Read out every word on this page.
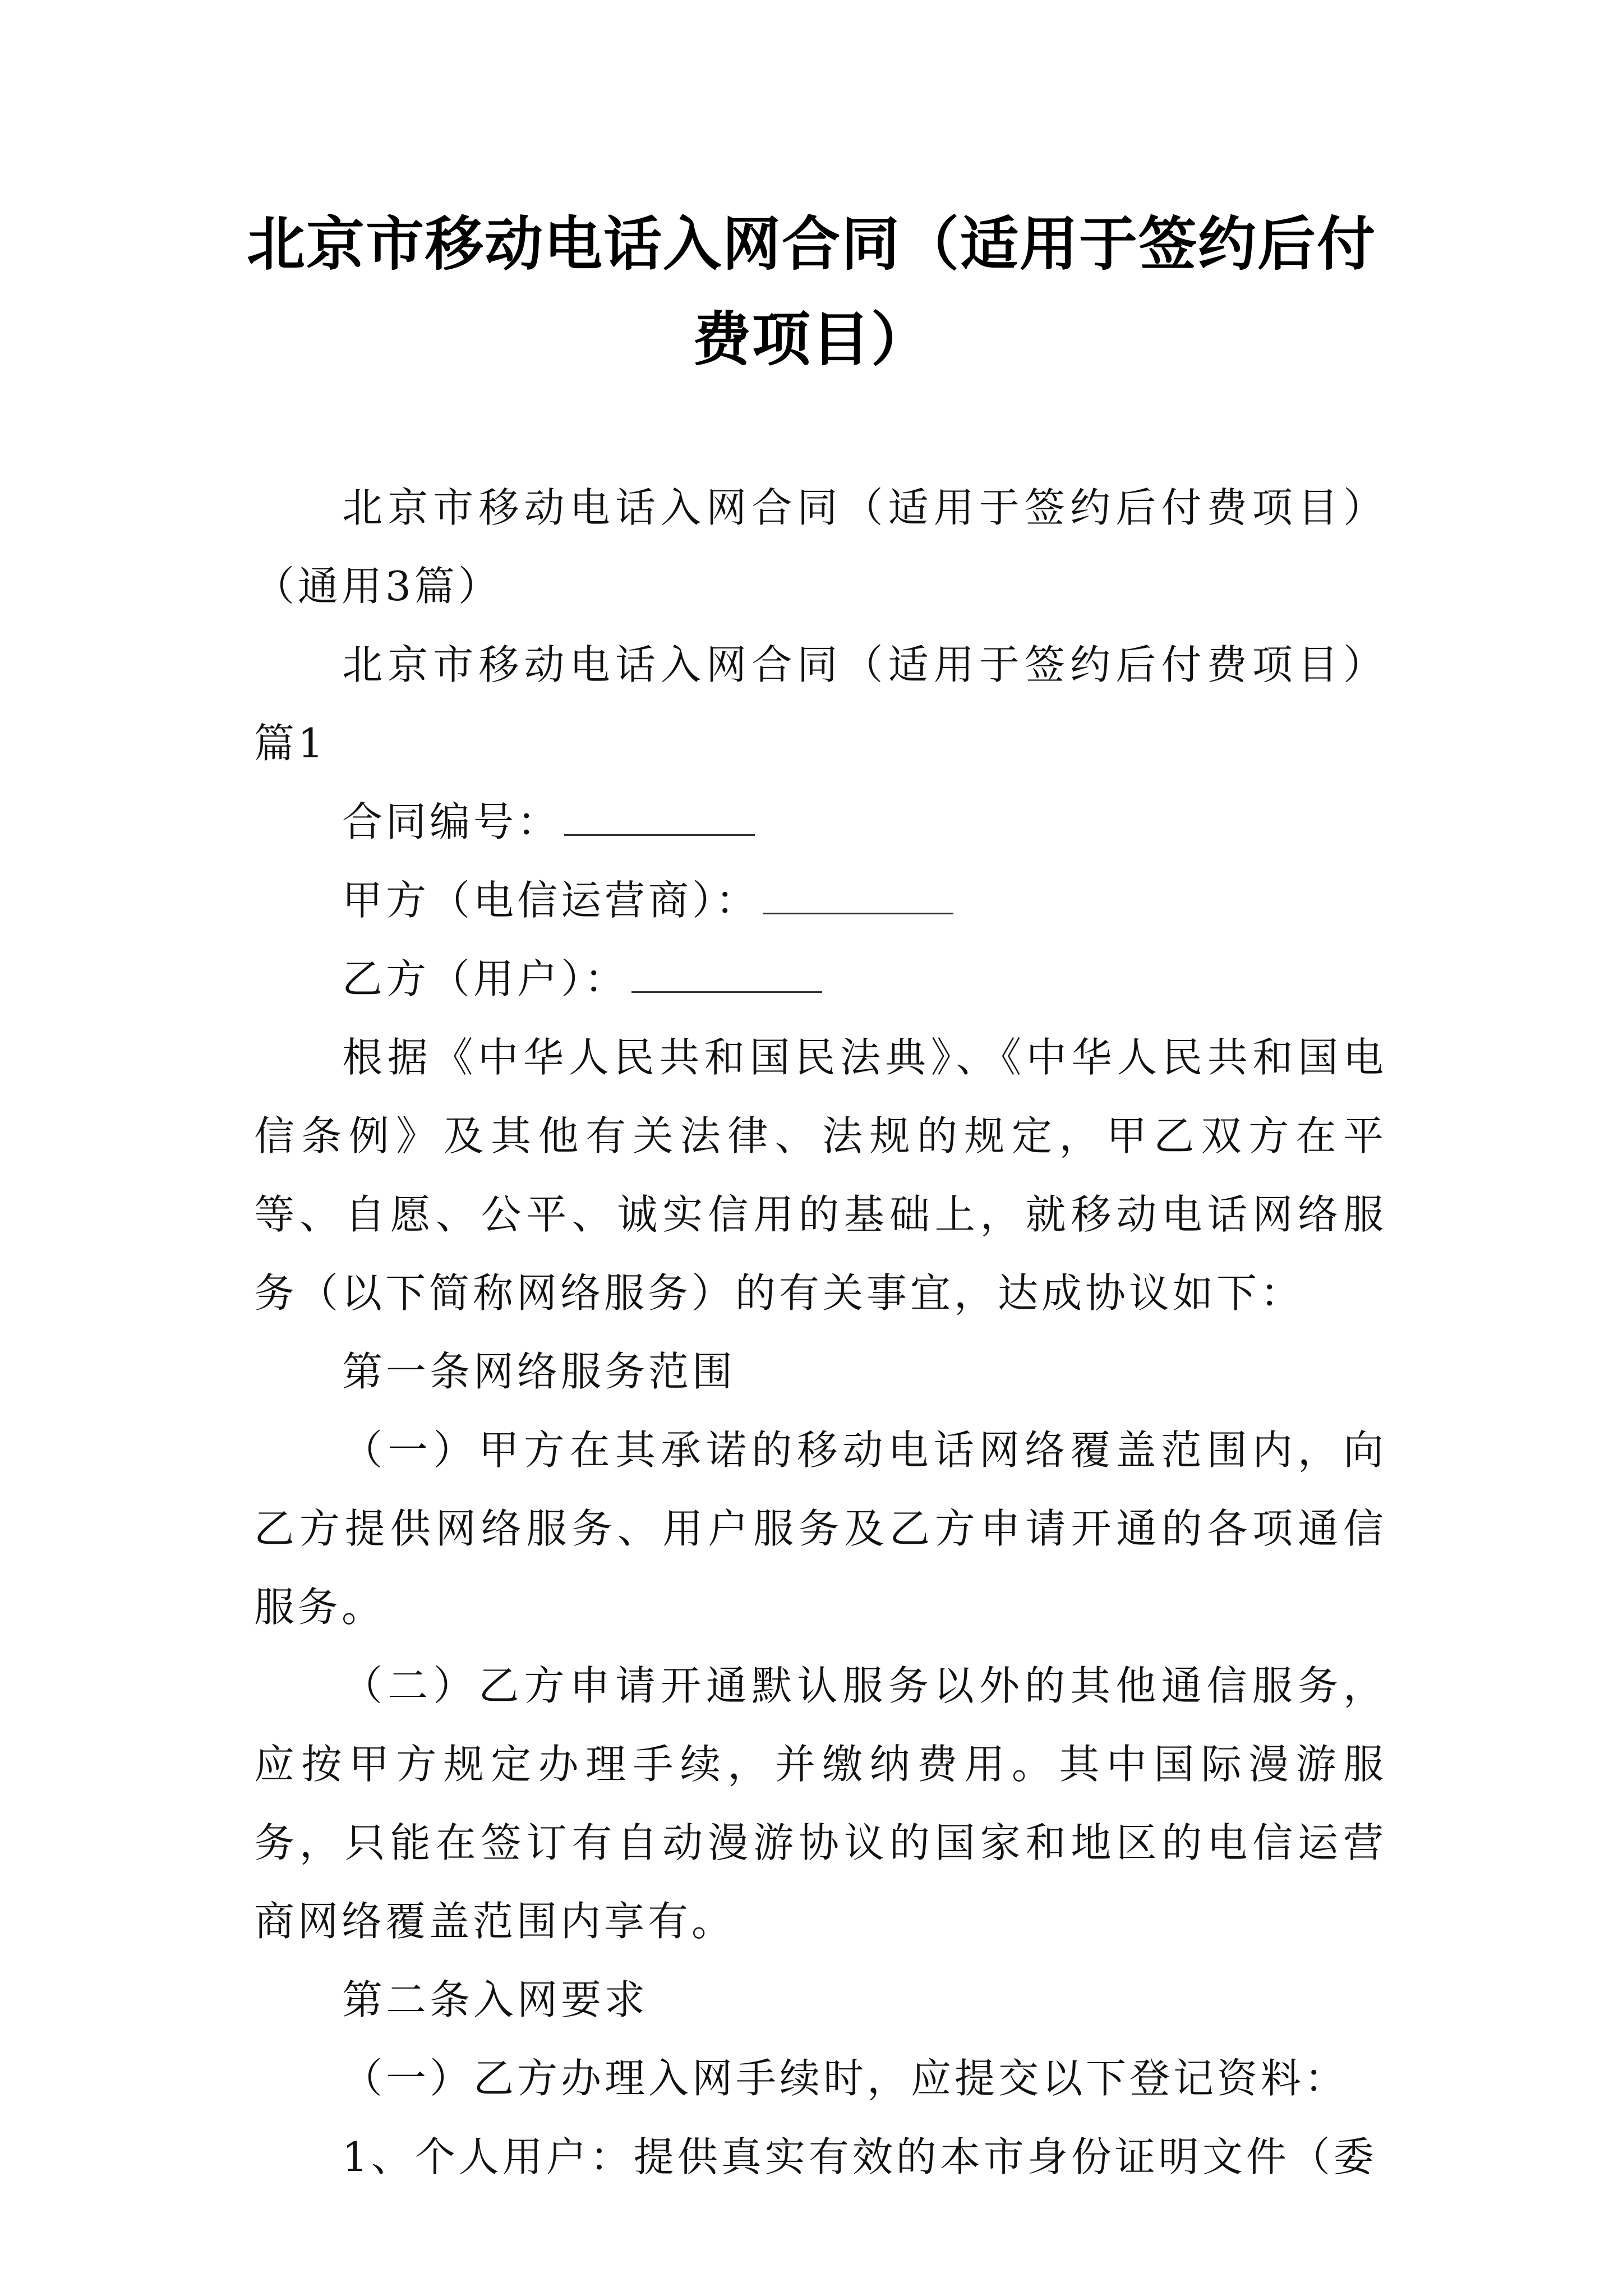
北京市移动电话入网合同（适用于签约后付费项目）

北京市移动电话入网合同（适用于签约后付费项目）（通用3篇）

北京市移动电话入网合同（适用于签约后付费项目）篇1

合同编号：

甲方（电信运营商）：

乙方（用户）：

根据《中华人民共和国民法典》、《中华人民共和国电信条例》及其他有关法律、法规的规定，甲乙双方在平等、自愿、公平、诚实信用的基础上，就移动电话网络服务（以下简称网络服务）的有关事宜，达成协议如下：

第一条网络服务范围

（一）甲方在其承诺的移动电话网络覆盖范围内，向乙方提供网络服务、用户服务及乙方申请开通的各项通信服务。

（二）乙方申请开通默认服务以外的其他通信服务，应按甲方规定办理手续，并缴纳费用。其中国际漫游服务，只能在签订有自动漫游协议的国家和地区的电信运营商网络覆盖范围内享有。

第二条入网要求

（一）乙方办理入网手续时，应提交以下登记资料：

1、个人用户：提供真实有效的本市身份证明文件（委
